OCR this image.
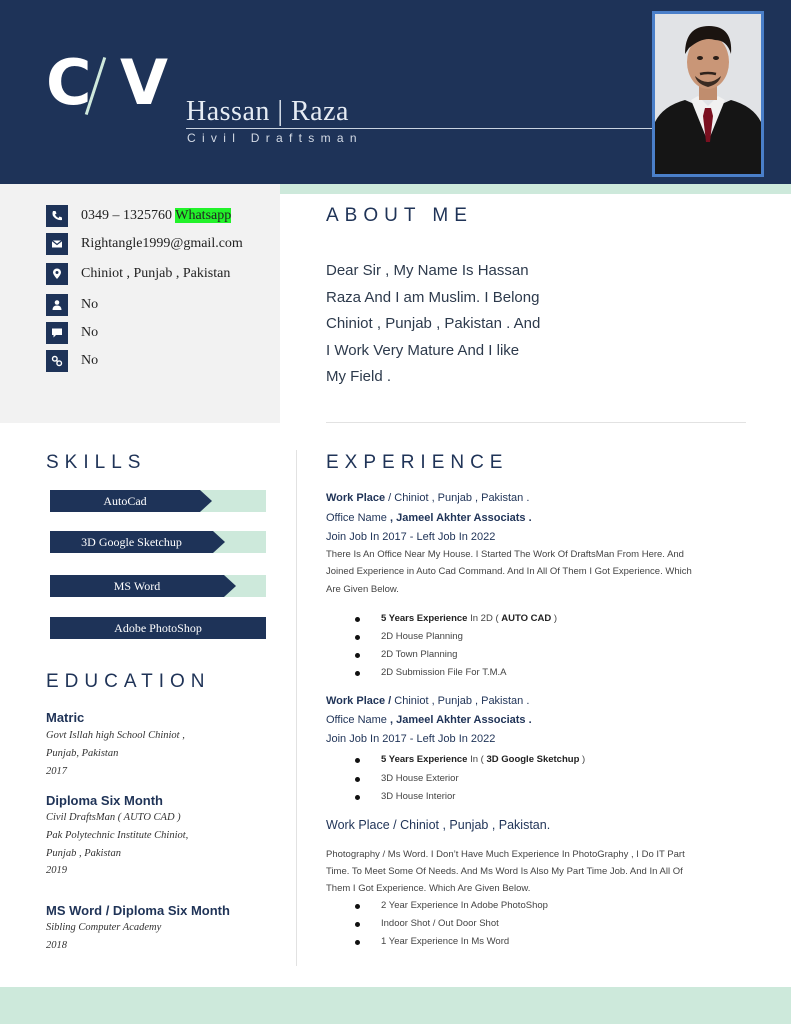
C V Hassan | Raza
Civil Draftsman
0349 – 1325760 Whatsapp
Rightangle1999@gmail.com
Chiniot , Punjab , Pakistan
No
No
No
ABOUT ME
Dear Sir , My Name Is Hassan
Raza And I am Muslim. I Belong
Chiniot , Punjab , Pakistan . And
I Work Very Mature And I like
My Field .
SKILLS
AutoCad
3D Google Sketchup
MS Word
Adobe PhotoShop
EDUCATION
Matric
Govt Isllah high School Chiniot ,
Punjab, Pakistan
2017
Diploma Six Month
Civil DraftsMan ( AUTO CAD )
Pak Polytechnic Institute Chiniot,
Punjab , Pakistan
2019
MS Word / Diploma Six Month
Sibling Computer Academy
2018
EXPERIENCE
Work Place / Chiniot , Punjab , Pakistan .
Office Name , Jameel Akhter Associats .
Join Job In 2017 - Left Job In 2022
There Is An Office Near My House. I Started The Work Of DraftsMan From Here. And
Joined Experience in Auto Cad Command. And In All Of Them I Got Experience. Which
Are Given Below.
5 Years Experience In 2D ( AUTO CAD )
2D House Planning
2D Town Planning
2D Submission File For T.M.A
Work Place / Chiniot , Punjab , Pakistan .
Office Name , Jameel Akhter Associats .
Join Job In 2017 - Left Job In 2022
5 Years Experience In ( 3D Google Sketchup )
3D House Exterior
3D House Interior
Work Place / Chiniot , Punjab , Pakistan.
Photography / Ms Word. I Don’t Have Much Experience In PhotoGraphy , I Do IT Part
Time. To Meet Some Of Needs. And Ms Word Is Also My Part Time Job. And In All Of
Them I Got Experience. Which Are Given Below.
2 Year Experience In Adobe PhotoShop
Indoor Shot / Out Door Shot
1 Year Experience In Ms Word
